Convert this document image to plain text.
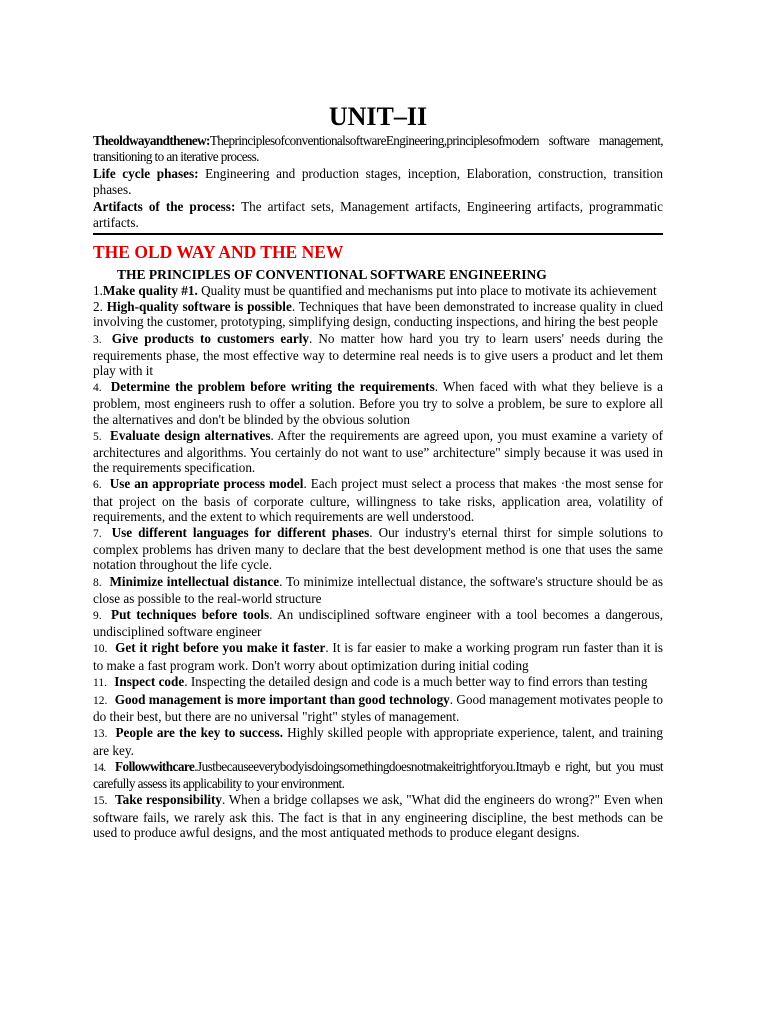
UNIT–II

Theoldwayandthenew:TheprinciplesofconventionalsoftwareEngineering,principlesofmodern software management, transitioning to an iterative process.

Life cycle phases: Engineering and production stages, inception, Elaboration, construction, transition phases.

Artifacts of the process: The artifact sets, Management artifacts, Engineering artifacts, programmatic artifacts.

THE OLD WAY AND THE NEW
THE PRINCIPLES OF CONVENTIONAL SOFTWARE ENGINEERING
1.Make quality #1. Quality must be quantified and mechanisms put into place to motivate its achievement
2. High-quality software is possible. Techniques that have been demonstrated to increase quality in clued involving the customer, prototyping, simplifying design, conducting inspections, and hiring the best people
3. Give products to customers early. No matter how hard you try to learn users' needs during the requirements phase, the most effective way to determine real needs is to give users a product and let them play with it
4. Determine the problem before writing the requirements. When faced with what they believe is a problem, most engineers rush to offer a solution. Before you try to solve a problem, be sure to explore all the alternatives and don't be blinded by the obvious solution
5. Evaluate design alternatives. After the requirements are agreed upon, you must examine a variety of architectures and algorithms. You certainly do not want to use” architecture" simply because it was used in the requirements specification.
6. Use an appropriate process model. Each project must select a process that makes ·the most sense for that project on the basis of corporate culture, willingness to take risks, application area, volatility of requirements, and the extent to which requirements are well understood.
7. Use different languages for different phases. Our industry's eternal thirst for simple solutions to complex problems has driven many to declare that the best development method is one that uses the same notation throughout the life cycle.
8. Minimize intellectual distance. To minimize intellectual distance, the software's structure should be as close as possible to the real-world structure
9. Put techniques before tools. An undisciplined software engineer with a tool becomes a dangerous, undisciplined software engineer
10. Get it right before you make it faster. It is far easier to make a working program run faster than it is to make a fast program work. Don't worry about optimization during initial coding
11. Inspect code. Inspecting the detailed design and code is a much better way to find errors than testing
12. Good management is more important than good technology. Good management motivates people to do their best, but there are no universal "right" styles of management.
13. People are the key to success. Highly skilled people with appropriate experience, talent, and training are key.
14. Followwithcare.Justbecauseeverybodyisdoingsomethingdoesnotmakeitrightforyou.Itmayb e right, but you must carefully assess its applicability to your environment.
15. Take responsibility. When a bridge collapses we ask, "What did the engineers do wrong?" Even when software fails, we rarely ask this. The fact is that in any engineering discipline, the best methods can be used to produce awful designs, and the most antiquated methods to produce elegant designs.
